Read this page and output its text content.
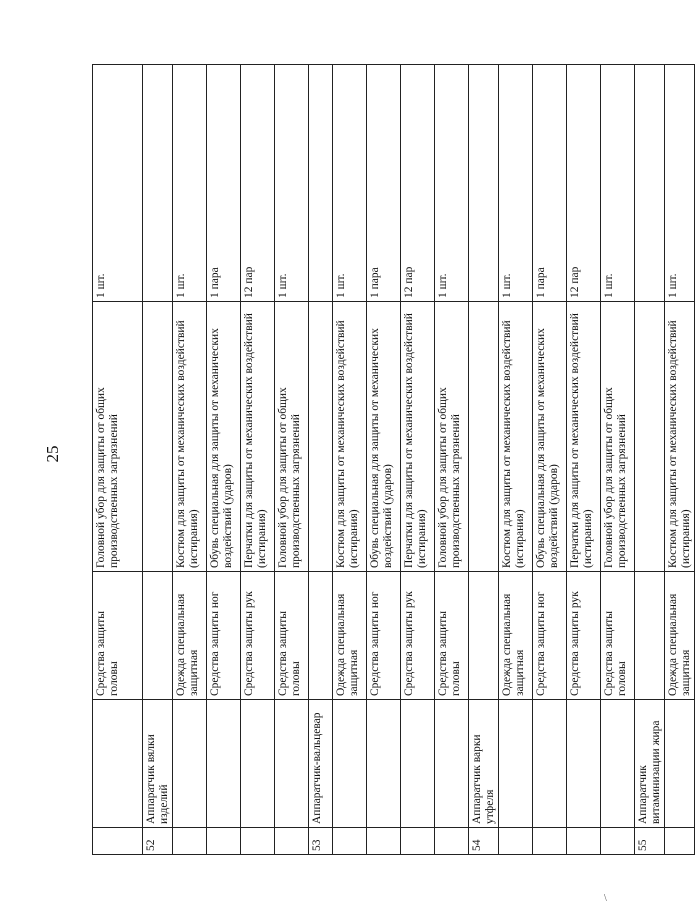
25
		Средства защиты головы	Головной убор для защиты от общих производственных загрязнений	1 шт.
52	Аппаратчик вялки изделий			
		Одежда специальная защитная	Костюм для защиты от механических воздействий (истирания)	1 шт.
		Средства защиты ног	Обувь специальная для защиты от механических воздействий (ударов)	1 пара
		Средства защиты рук	Перчатки для защиты от механических воздействий (истирания)	12 пар
		Средства защиты головы	Головной убор для защиты от общих производственных загрязнений	1 шт.
53	Аппаратчик-вальцевар			
		Одежда специальная защитная	Костюм для защиты от механических воздействий (истирания)	1 шт.
		Средства защиты ног	Обувь специальная для защиты от механических воздействий (ударов)	1 пара
		Средства защиты рук	Перчатки для защиты от механических воздействий (истирания)	12 пар
		Средства защиты головы	Головной убор для защиты от общих производственных загрязнений	1 шт.
54	Аппаратчик варки утфеля			
		Одежда специальная защитная	Костюм для защиты от механических воздействий (истирания)	1 шт.
		Средства защиты ног	Обувь специальная для защиты от механических воздействий (ударов)	1 пара
		Средства защиты рук	Перчатки для защиты от механических воздействий (истирания)	12 пар
		Средства защиты головы	Головной убор для защиты от общих производственных загрязнений	1 шт.
55	Аппаратчик витаминизации жира			
		Одежда специальная защитная	Костюм для защиты от механических воздействий (истирания)	1 шт.
\
